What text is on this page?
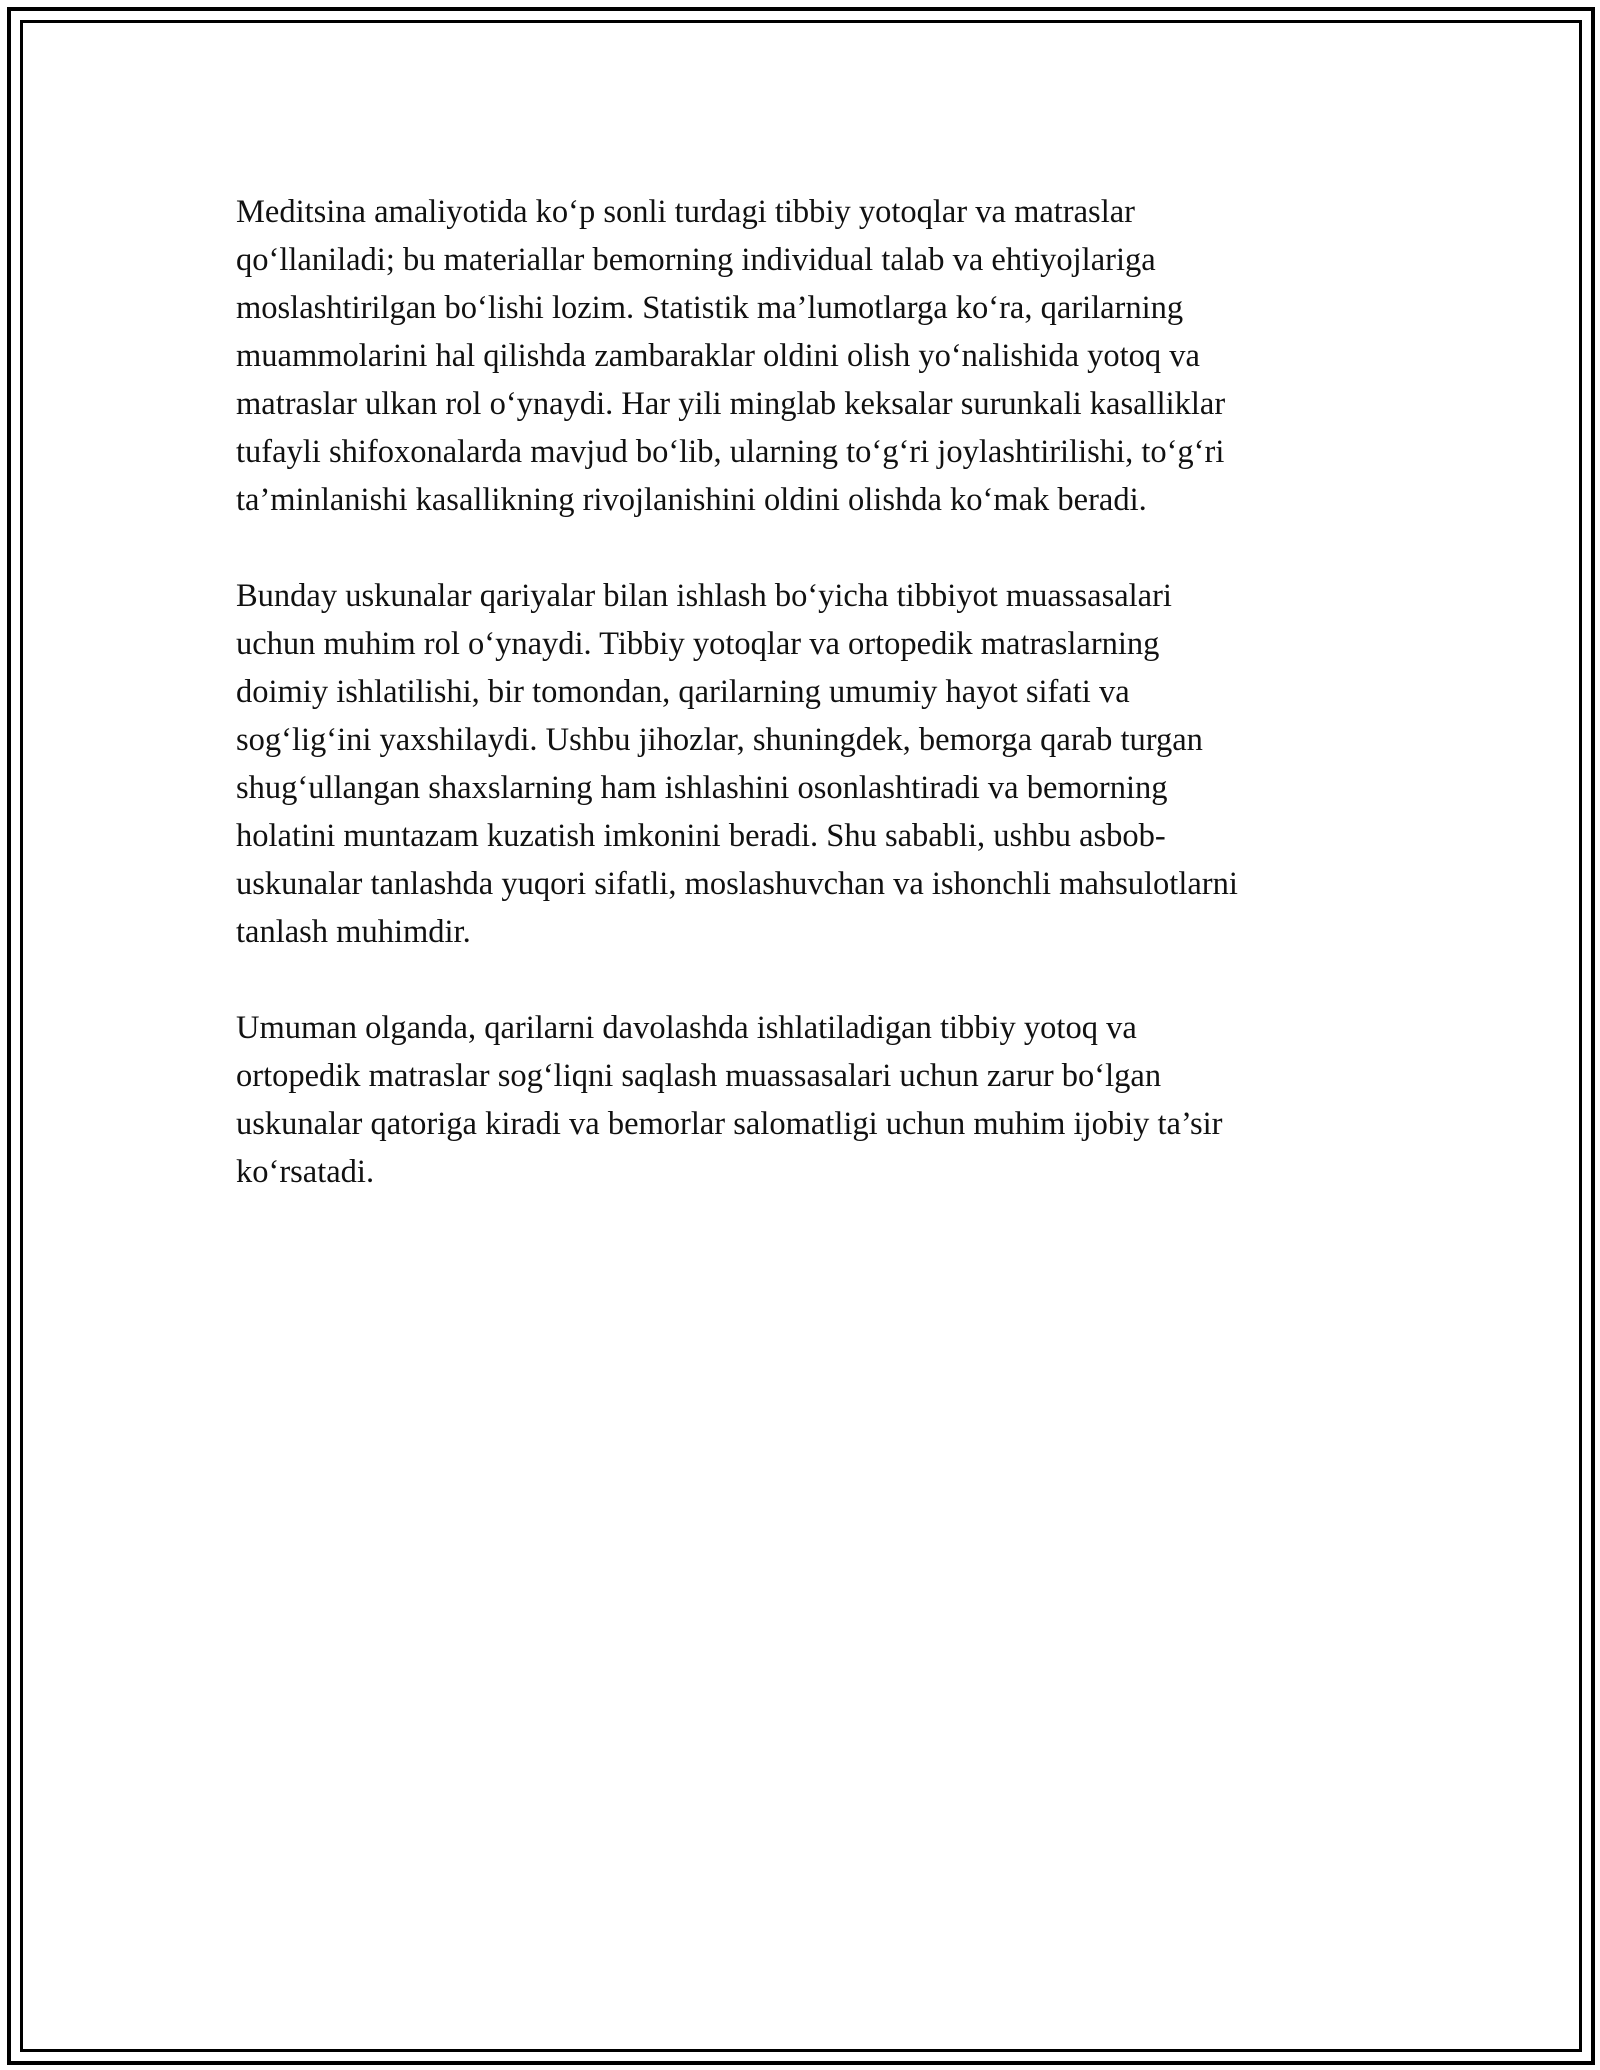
Meditsina amaliyotida ko‘p sonli turdagi tibbiy yotoqlar va matraslar
qo‘llaniladi; bu materiallar bemorning individual talab va ehtiyojlariga
moslashtirilgan bo‘lishi lozim. Statistik ma’lumotlarga ko‘ra, qarilarning
muammolarini hal qilishda zambaraklar oldini olish yo‘nalishida yotoq va
matraslar ulkan rol o‘ynaydi. Har yili minglab keksalar surunkali kasalliklar
tufayli shifoxonalarda mavjud bo‘lib, ularning to‘g‘ri joylashtirilishi, to‘g‘ri
ta’minlanishi kasallikning rivojlanishini oldini olishda ko‘mak beradi.

Bunday uskunalar qariyalar bilan ishlash bo‘yicha tibbiyot muassasalari
uchun muhim rol o‘ynaydi. Tibbiy yotoqlar va ortopedik matraslarning
doimiy ishlatilishi, bir tomondan, qarilarning umumiy hayot sifati va
sog‘lig‘ini yaxshilaydi. Ushbu jihozlar, shuningdek, bemorga qarab turgan
shug‘ullangan shaxslarning ham ishlashini osonlashtiradi va bemorning
holatini muntazam kuzatish imkonini beradi. Shu sababli, ushbu asbob-
uskunalar tanlashda yuqori sifatli, moslashuvchan va ishonchli mahsulotlarni
tanlash muhimdir.

Umuman olganda, qarilarni davolashda ishlatiladigan tibbiy yotoq va
ortopedik matraslar sog‘liqni saqlash muassasalari uchun zarur bo‘lgan
uskunalar qatoriga kiradi va bemorlar salomatligi uchun muhim ijobiy ta’sir
ko‘rsatadi.
